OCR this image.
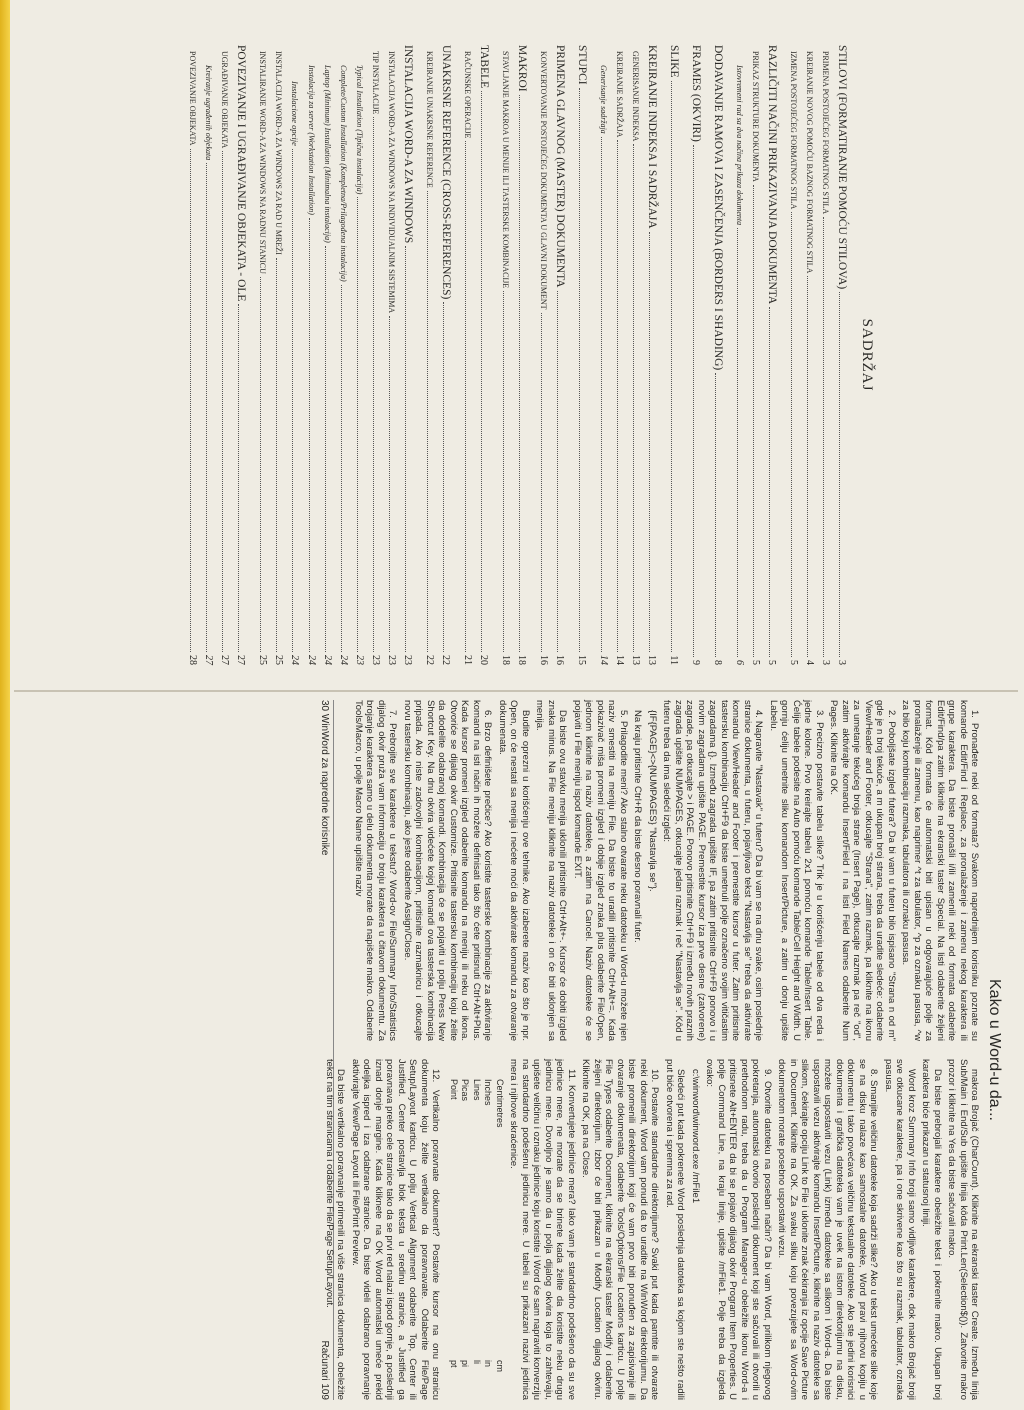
SADRŽAJ
STILOVI (FORMATIRANJE POMOĆU STILOVA)
3
PRIMENA POSTOJEĆEG FORMATNOG STILA
3
KREIRANJE NOVOG POMOĆU BAZNOG FORMATNOG STILA
4
IZMENA POSTOJEĆEG FORMATNOG STILA
5
RAZLIČITI NAČINI PRIKAZIVANJA DOKUMENTA
5
PRIKAZ STRUKTURE DOKUMENTA
5
Istovremeni rad sa dva načina prikaza dokumenta
6
DODAVANJE RAMOVA I ZASENČENJA (BORDERS I SHADING)
8
FRAMES (OKVIRI)
9
SLIKE
11
KREIRANJE INDEKSA I SADRŽAJA
13
GENERISANJE INDEKSA
13
KREIRANJE SADRŽAJA
14
Generisanje sadržaja
14
STUPCI
15
PRIMENA GLAVNOG (MASTER) DOKUMENTA
16
KONVERTOVANJE POSTOJEĆEG DOKUMENTA U GLAVNI DOKUMENT
16
MAKROI
18
STAVLJANJE MAKROA U MENIJE ILI TASTERSKE KOMBINACIJE
18
TABELE
20
RAČUNSKE OPERACIJE
21
UNAKRSNE REFERENCE (CROSS-REFERENCES)
22
KREIRANJE UNAKRSNE REFERENCE
22
INSTALACIJA WORD-A ZA WINDOWS
23
INSTALACIJA WORD-A ZA WINDOWS NA INDIVIDUALNIM SISTEMIMA
23
TIP INSTALACIJE
23
Typical Installation (Tipična instalacija)
23
Complete/Custom Installation (Kompletna/Prilagođena instalacija)
24
Laptop (Minimum) Installation (Minimalna instalacija)
24
Instalacija za server (Workstation Installation)
24
Instalacione opcije
24
INSTALACIJA WORD-A ZA WINDOWS ZA RAD U MREŽI
25
INSTALIRANJE WORD-A ZA WINDOWS NA RADNU STANICU
25
POVEZIVANJE I UGRAĐIVANJE OBJEKATA - OLE
27
UGRAĐIVANJE OBJEKATA
27
Kreiranje ugrađenih objekata
27
POVEZIVANJE OBJEKATA
28
Kako u Word-u da...

1. Pronađete neki od formata? Svakom naprednijem korisniku poznate su komande Edit/Find i Replace, za pronalaženje i zamenu nekog karaktera ili grupe karaktera. Da biste pronašli i/ili zamenili neki od formata odaberite Edit/Find/pa zatim kliknite na ekranski taster Special. Na listi odaberite željeni format. Kôd formata će automatski biti upisan u odgovarajuće polje za pronalaženje ili zamenu, kao naprimer ^t za tabulator, ^p za oznaku pasusa, ^w za bilo koju kombinaciju razmaka, tabulatora ili oznaku pasusa.

2. Poboljšate izgled futera? Da bi vam u futeru bilo ispisano "Strana n od m" gde je n broj tekuće, a m ukupan broj strana, treba da uradite sledeće: odaberite View/Header and Footer, otkucajte "Strana", zatim razmak, pa kliknite na ikonu za umetanje tekućeg broja strane (Insert Page), otkucajte razmak pa reč "od", zatim aktivirajte komandu Insert/Field i na listi Field Names odaberite Num Pages. Kliknite na OK.

3. Precizno postavite tabelu slike? Trik je u korišćenju tabele od dva reda i jedne kolone. Prvo kreirajte tabelu 2x1 pomoću komande Table/Insert Table. Ćelije tabele podesite na Auto pomoću komande Table/Cell Height and Width. U gornju ćeliju umetnite sliku komandom Insert/Picture, a zatim u donju upišite Labelu.

4. Napravite "Nastavak" u futeru? Da bi vam se na dnu svake, osim poslednje stranice dokumenta, u futeru, pojavljivao tekst "Nastavlja se" treba da aktivirate komandu View/Header and Footer i premestite kursor u futer. Zatim pritisnite tastersku kombinaciju Ctrl+F9 da biste umetnuli polje označeno svojim vitičastim zagradama {}. Između zagrada upišite IF, pa zatim pritisnite Ctrl+F9 ponovo i u novim zagradama upišite PAGE. Premestite kursor iza prve desne (zatvorene) zagrade, pa otkucajte > i PAGE. Ponovo pritisnite Ctrl+F9 i između novih praznih zagrada upišite NUMPAGES, otkucajte jedan razmak i reč "Nastavlja se". Kôd u futeru treba da ima sledeći izgled:

{IF{PAGE}<>{NUMPAGES} "Nastavlja se"}.

Na kraju pritisnite Ctrl+R da biste desno poravnali futer.

5. Prilagodite meni? Ako stalno otvarate neku datoteku u Word-u možete njen naziv smestiti na meniju File. Da biste to uradili pritisnite Ctrl+Alt+=. Kada pokazivač miša promeni izgled i dobije izgled znaka plus odaberite File/Open, jednom kliknite na naziv datoteke, a zatim na Cancel. Naziv datoteke će se pojaviti u File meniju ispod komande EXIT.

Da biste ovu stavku menija uklonili pritisnite Ctrl+Alt+-. Kursor će dobiti izgled znaka minus. Na File meniju kliknite na naziv datoteke i on će biti uklonjen sa menija.

Budite oprezni u korišćenju ove tehnike. Ako izaberete naziv kao što je npr. Open, on će nestati sa menija i nećete moći da aktivirate komandu za otvaranje dokumenata.

6. Brzo definišete prečice? Ako koristite tasterske kombinacije za aktiviranje komandi na isti način ih možete definisati tako što ćete pritisnuti Ctrl+Alt+Plus. Kada kursor promeni izgled odaberite komandu na meniju ili neku od ikona. Otvoriće se dijalog okvir Customize. Pritisnite tastersku kombinaciju koju želite da dodelite odabranoj komandi. Kombinacija će se pojaviti u polju Press New Shortcut Key. Na dnu okvira videćete kojoj komandi ova tasterska kombinacija pripada. Ako niste zadovoljni kombinacijom, pritisnite razmaknicu i otkucajte novu tastersku kombinaciju, ako jeste odaberite Assign/Close.

7. Prebrojite sve karaktere u tekstu? Word-ov File/Summary Info/Statistics dijalog okvir pruža vam informaciju o broju karaktera u čitavom dokumentu. Za brojanje karaktera samo u delu dokumenta morate da napišete makro. Odaberite Tools/Macro, u polje Macro Name upišite naziv

makroa Brojač (CharCount). Kliknite na ekranski taster Create. Između linija Sub/Main i End/Sub upišite linija kôda Print.Len(Selection$()). Zatvorite makro prozor i kliknite na Yes da biste sačuvali makro.

Da biste prebrojali karaktere obeležite tekst i pokrenite makro. Ukupan broj karaktera biće prikazan u statusnoj liniji.

Word kroz Summary Info broji samo vidljive karaktere, dok makro Brojač broji sve otkucane karaktere, pa i one skrivene kao što su razmak, tabulator, oznaka pasusa.

8. Smanjite veličinu datoteke koja sadrži slike? Ako u tekst umećete slike koje se na disku nalaze kao samostalne datoteke, Word pravi njihovu kopiju u dokumentu i tako povećava veličinu tekstualne datoteke. Ako ste jedini korisnici dokumenta i grafička datoteka vam je uvek na istom direktorijumu na disku, možete uspostaviti vezu (Link) između datoteke sa slikom i Word-a. Da biste uspostavili vezu aktivirajte komandu Insert/Picture, kliknite na naziv datoteke sa slikom, čekirajte opciju Link to File i uklonite znak čekiranja iz opcije Save Picture in Document. Kliknite na OK. Za svaku sliku koju povezujete sa Word-ovim dokumentom morate posebno uspostaviti vezu.

9. Otvorite datoteku na poseban način? Da bi vam Word, prilikom njegovog pokretanja, automatski otvorio poslednji dokument koji ste sačuvali ili otvorili u prethodnom radu, treba da u Program Manager-u obeležite ikonu Word-a i pritisnete Alt+ENTER da bi se pojavio dijalog okvir Program Item Properties. U polje Command Line, na kraju linije, upišite /mFile1. Polje treba da izgleda ovako:

c:\winword\winword.exe /mFile1

Sledeći put kada pokrenete Word poslednja datoteka sa kojom ste nešto radili put biće otvorena i spremna za rad.

10. Postavite standardne direktorijume? Svaki put kada pamtite ili otvarate neki dokument, Word vam ponudi da to uradite na WinWord direktorijumu. Da biste promenili direktorijum koji će vam prvo biti ponuđen za zapisivanje ili otvaranje dokumenata, odaberite Tools/Options/File Locations karticu. U polje File Types odaberite Document, kliknite na ekranski taster Modify i odaberite željeni direktorijum. Izbor će biti prikazan u Modify Location dijalog okviru. Kliknite na OK, pa na Close.

11. Konvertujete jedinice mera? Iako vam je standardno podešeno da su sve jedinice mere, ne morate da se brinete kada želite da koristite neku drugu jedinicu mere. Dovoljno je samo da u polja dijalog okvira koja to zahtevaju, upišete veličinu i oznaku jedinice koju koristite i Word će sam napraviti konverziju na standardno podešenu jedinicu mere. U tabeli su prikazani nazivi jedinica mera i njihove skraćenice.

Centimetres
cm
Inches
in
Lines
li
Picas
pi
Point
pt

12. Vertikalno poravnate dokument? Postavite kursor na onu stranicu dokumenta koju želite vertikalno da poravnavate. Odaberite File/Page Setup/Layout karticu. U polju Vertical Alignment odaberite Top, Center ili Justified. Center postavlja blok teksta u sredinu stranice, a Justified ga poravnava preko cele stranice tako da se prvi red nalazi ispod gornje, a poslednji iznad donje margine. Kada kliknete na OK Word automatski umeće prekid odeljka ispred i iza odabrane stranice. Da biste videli odabrano poravnanje aktivirajte View/Page Layout ili File/Print Preview.

Da biste vertikalno poravnanje primenili na više stranica dokumenta, obeležite tekst na tim stranicama i odaberite File/Page Setup/Layout.

30 WinWord za napredne korisnike
Računari 109
